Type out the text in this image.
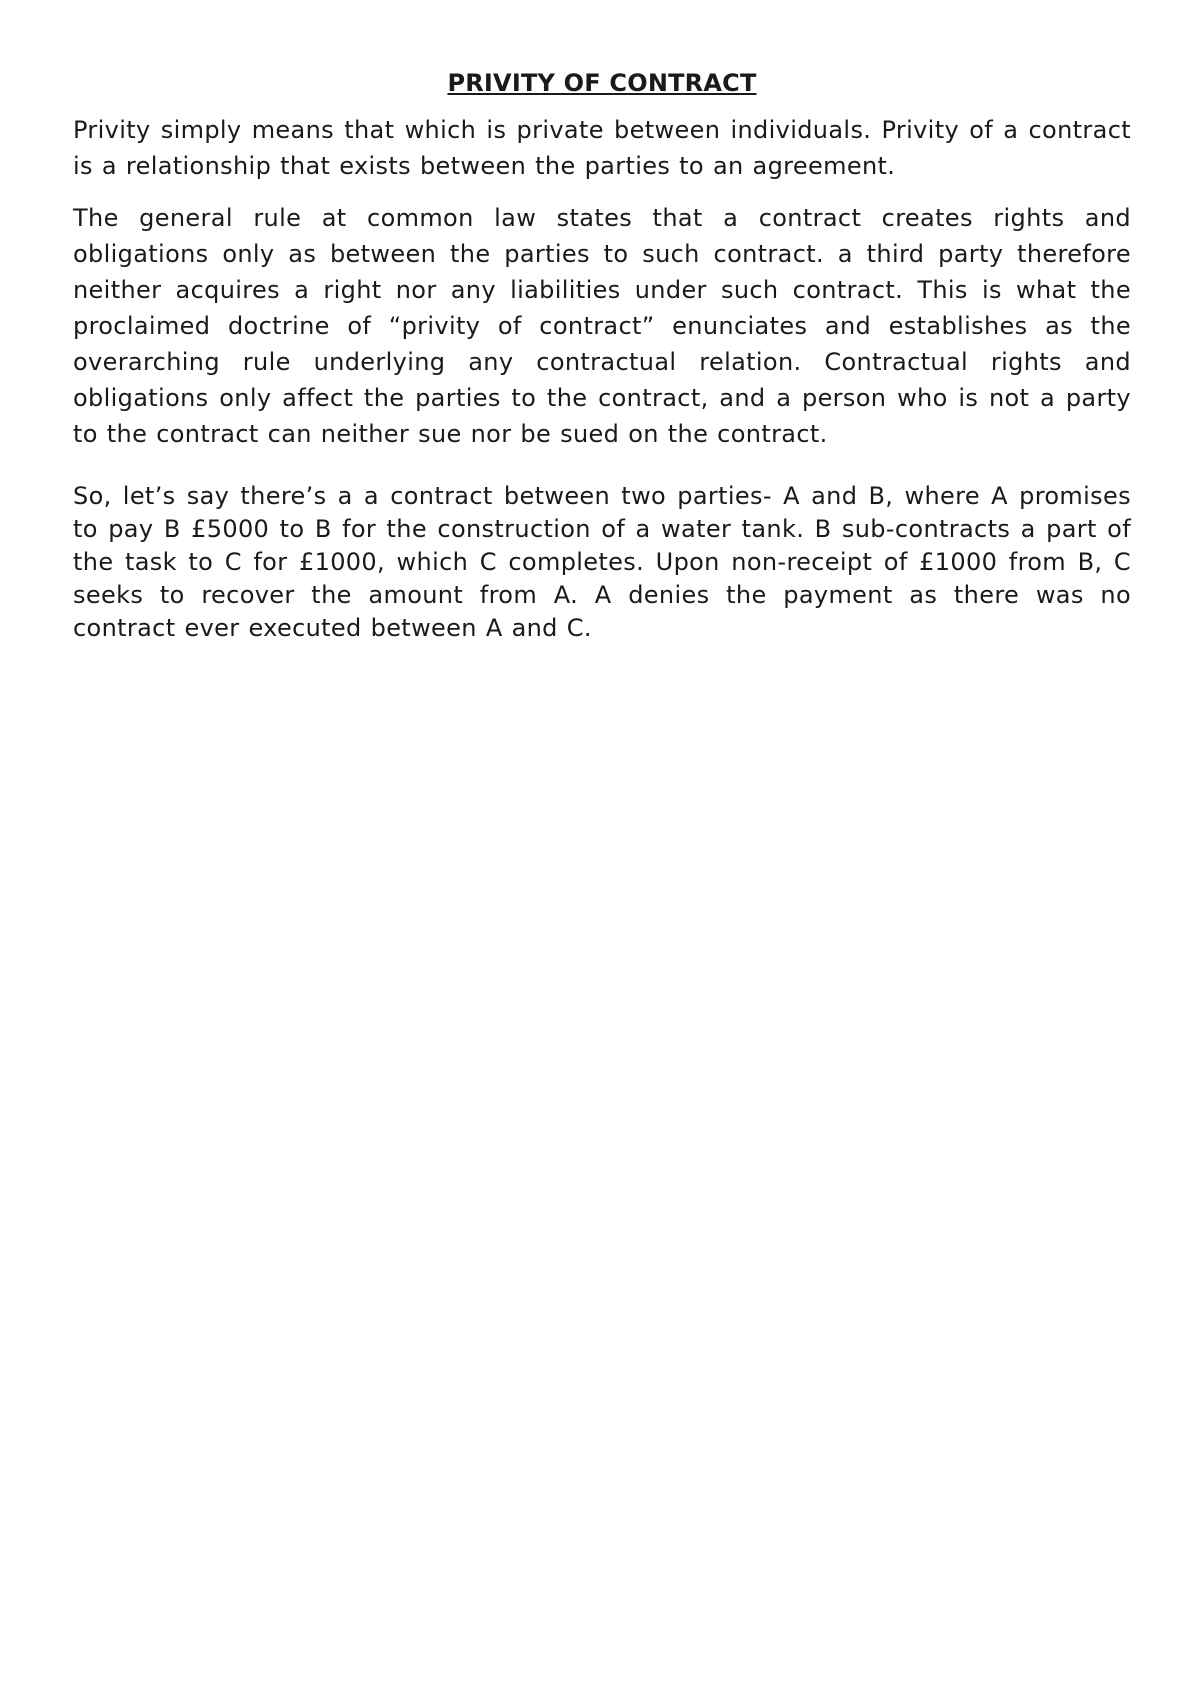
PRIVITY OF CONTRACT

Privity simply means that which is private between individuals. Privity of a contract is a relationship that exists between the parties to an agreement.

The general rule at common law states that a contract creates rights and obligations only as between the parties to such contract. a third party therefore neither acquires a right nor any liabilities under such contract. This is what the proclaimed doctrine of “privity of contract” enunciates and establishes as the overarching rule underlying any contractual relation. Contractual rights and obligations only affect the parties to the contract, and a person who is not a party to the contract can neither sue nor be sued on the contract.

So, let’s say there’s a a contract between two parties- A and B, where A promises to pay B £5000 to B for the construction of a water tank. B sub-contracts a part of the task to C for £1000, which C completes. Upon non-receipt of £1000 from B, C seeks to recover the amount from A. A denies the payment as there was no contract ever executed between A and C.
